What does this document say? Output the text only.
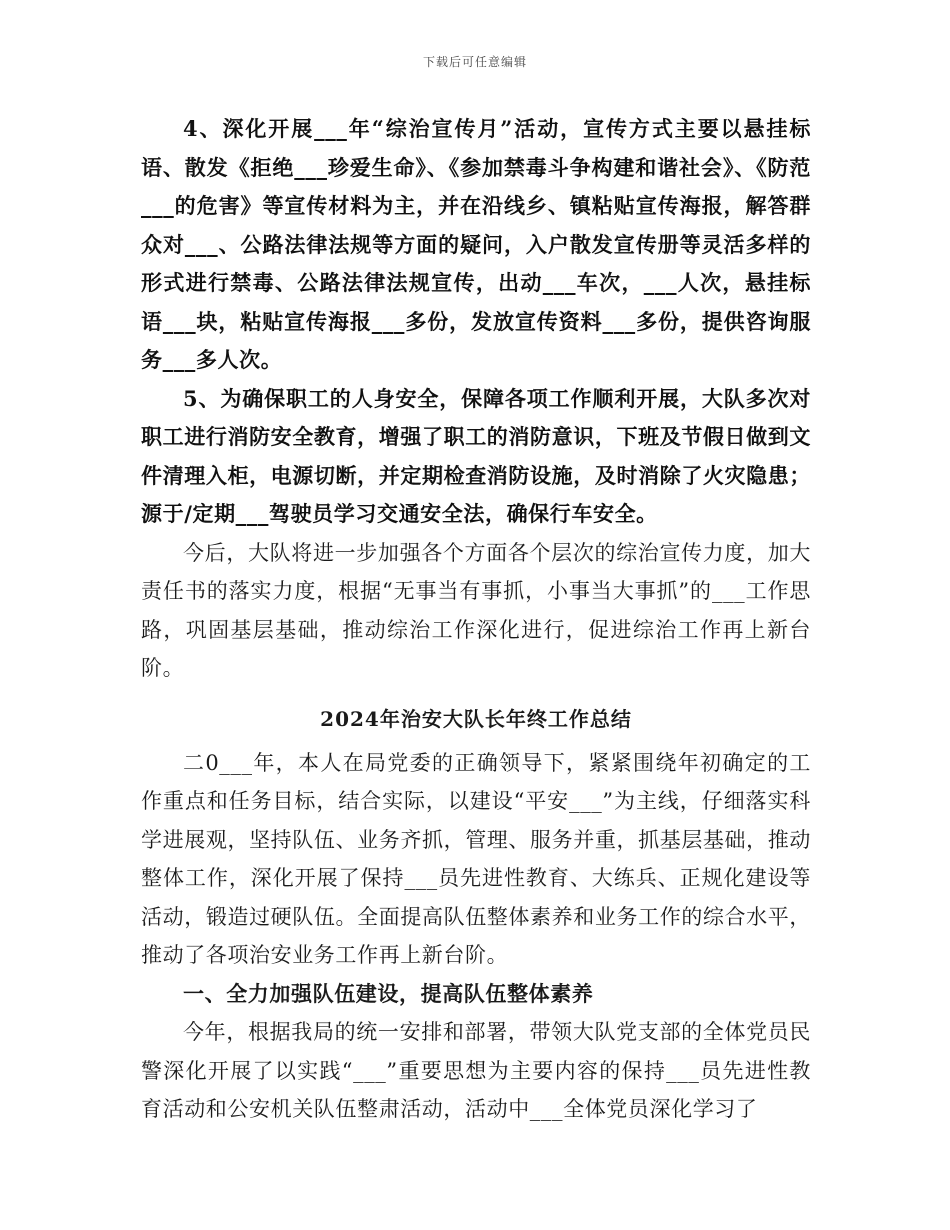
下载后可任意编辑

4、深化开展___年“综治宣传月”活动，宣传方式主要以悬挂标语、散发《拒绝___珍爱生命》、《参加禁毒斗争构建和谐社会》、《防范___的危害》等宣传材料为主，并在沿线乡、镇粘贴宣传海报，解答群众对___、公路法律法规等方面的疑问，入户散发宣传册等灵活多样的形式进行禁毒、公路法律法规宣传，出动___车次，___人次，悬挂标语___块，粘贴宣传海报___多份，发放宣传资料___多份，提供咨询服务___多人次。

5、为确保职工的人身安全，保障各项工作顺利开展，大队多次对职工进行消防安全教育，增强了职工的消防意识，下班及节假日做到文件清理入柜，电源切断，并定期检查消防设施，及时消除了火灾隐患；源于/定期___驾驶员学习交通安全法，确保行车安全。

今后，大队将进一步加强各个方面各个层次的综治宣传力度，加大责任书的落实力度，根据“无事当有事抓，小事当大事抓”的___工作思路，巩固基层基础，推动综治工作深化进行，促进综治工作再上新台阶。

2024年治安大队长年终工作总结

二0___年，本人在局党委的正确领导下，紧紧围绕年初确定的工作重点和任务目标，结合实际，以建设“平安___”为主线，仔细落实科学进展观，坚持队伍、业务齐抓，管理、服务并重，抓基层基础，推动整体工作，深化开展了保持___员先进性教育、大练兵、正规化建设等活动，锻造过硬队伍。全面提高队伍整体素养和业务工作的综合水平，推动了各项治安业务工作再上新台阶。

一、全力加强队伍建设，提高队伍整体素养

今年，根据我局的统一安排和部署，带领大队党支部的全体党员民警深化开展了以实践“___”重要思想为主要内容的保持___员先进性教育活动和公安机关队伍整肃活动，活动中___全体党员深化学习了
